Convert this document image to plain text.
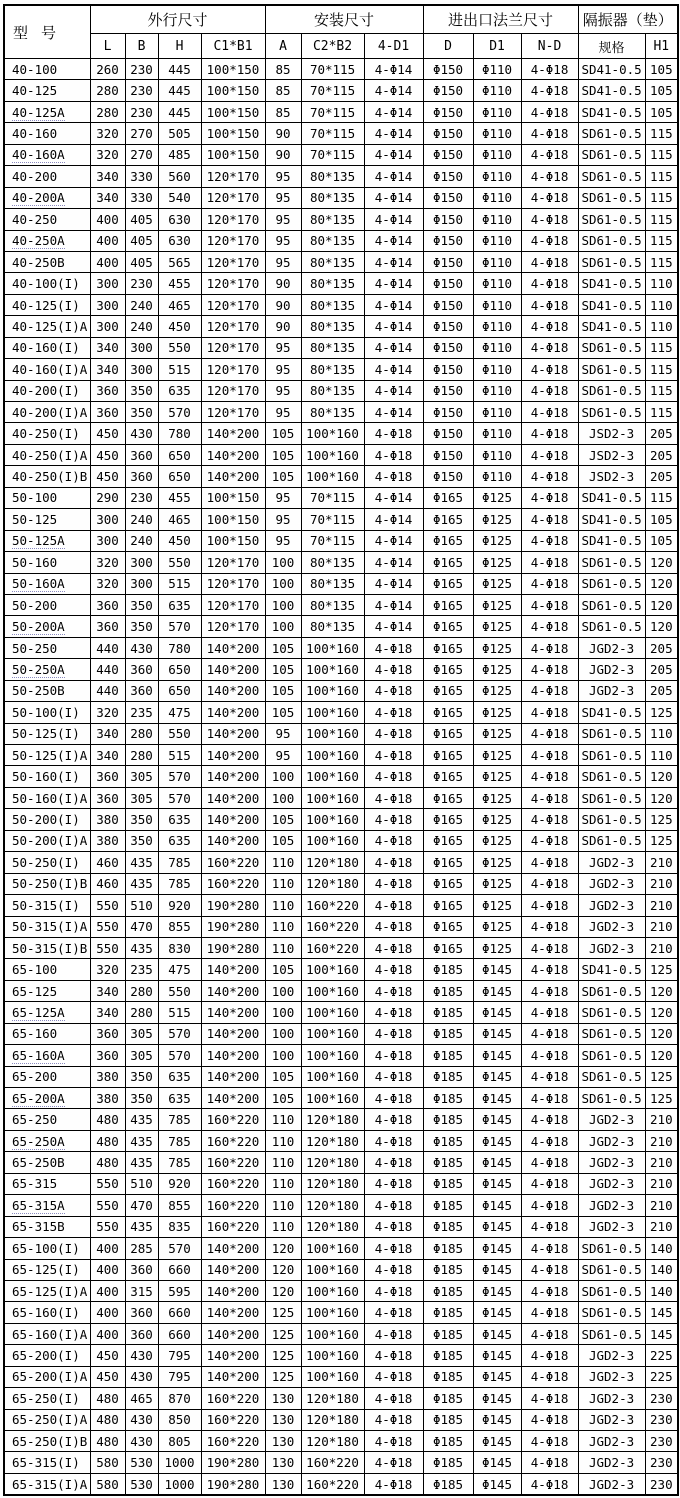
型 号	外行尺寸				安装尺寸			进出口法兰尺寸			隔振器（垫）	
	L	B	H	C1*B1	A	C2*B2	4-D1	D	D1	N-D	规格	H1
40-100	260	230	445	100*150	85	70*115	4-Φ14	Φ150	Φ110	4-Φ18	SD41-0.5	105
40-125	280	230	445	100*150	85	70*115	4-Φ14	Φ150	Φ110	4-Φ18	SD41-0.5	105
40-125A	280	230	445	100*150	85	70*115	4-Φ14	Φ150	Φ110	4-Φ18	SD41-0.5	105
40-160	320	270	505	100*150	90	70*115	4-Φ14	Φ150	Φ110	4-Φ18	SD61-0.5	115
40-160A	320	270	485	100*150	90	70*115	4-Φ14	Φ150	Φ110	4-Φ18	SD61-0.5	115
40-200	340	330	560	120*170	95	80*135	4-Φ14	Φ150	Φ110	4-Φ18	SD61-0.5	115
40-200A	340	330	540	120*170	95	80*135	4-Φ14	Φ150	Φ110	4-Φ18	SD61-0.5	115
40-250	400	405	630	120*170	95	80*135	4-Φ14	Φ150	Φ110	4-Φ18	SD61-0.5	115
40-250A	400	405	630	120*170	95	80*135	4-Φ14	Φ150	Φ110	4-Φ18	SD61-0.5	115
40-250B	400	405	565	120*170	95	80*135	4-Φ14	Φ150	Φ110	4-Φ18	SD61-0.5	115
40-100(I)	300	230	455	120*170	90	80*135	4-Φ14	Φ150	Φ110	4-Φ18	SD41-0.5	110
40-125(I)	300	240	465	120*170	90	80*135	4-Φ14	Φ150	Φ110	4-Φ18	SD41-0.5	110
40-125(I)A	300	240	450	120*170	90	80*135	4-Φ14	Φ150	Φ110	4-Φ18	SD41-0.5	110
40-160(I)	340	300	550	120*170	95	80*135	4-Φ14	Φ150	Φ110	4-Φ18	SD61-0.5	115
40-160(I)A	340	300	515	120*170	95	80*135	4-Φ14	Φ150	Φ110	4-Φ18	SD61-0.5	115
40-200(I)	360	350	635	120*170	95	80*135	4-Φ14	Φ150	Φ110	4-Φ18	SD61-0.5	115
40-200(I)A	360	350	570	120*170	95	80*135	4-Φ14	Φ150	Φ110	4-Φ18	SD61-0.5	115
40-250(I)	450	430	780	140*200	105	100*160	4-Φ18	Φ150	Φ110	4-Φ18	JSD2-3	205
40-250(I)A	450	360	650	140*200	105	100*160	4-Φ18	Φ150	Φ110	4-Φ18	JSD2-3	205
40-250(I)B	450	360	650	140*200	105	100*160	4-Φ18	Φ150	Φ110	4-Φ18	JSD2-3	205
50-100	290	230	455	100*150	95	70*115	4-Φ14	Φ165	Φ125	4-Φ18	SD41-0.5	115
50-125	300	240	465	100*150	95	70*115	4-Φ14	Φ165	Φ125	4-Φ18	SD41-0.5	105
50-125A	300	240	450	100*150	95	70*115	4-Φ14	Φ165	Φ125	4-Φ18	SD41-0.5	105
50-160	320	300	550	120*170	100	80*135	4-Φ14	Φ165	Φ125	4-Φ18	SD61-0.5	120
50-160A	320	300	515	120*170	100	80*135	4-Φ14	Φ165	Φ125	4-Φ18	SD61-0.5	120
50-200	360	350	635	120*170	100	80*135	4-Φ14	Φ165	Φ125	4-Φ18	SD61-0.5	120
50-200A	360	350	570	120*170	100	80*135	4-Φ14	Φ165	Φ125	4-Φ18	SD61-0.5	120
50-250	440	430	780	140*200	105	100*160	4-Φ18	Φ165	Φ125	4-Φ18	JGD2-3	205
50-250A	440	360	650	140*200	105	100*160	4-Φ18	Φ165	Φ125	4-Φ18	JGD2-3	205
50-250B	440	360	650	140*200	105	100*160	4-Φ18	Φ165	Φ125	4-Φ18	JGD2-3	205
50-100(I)	320	235	475	140*200	105	100*160	4-Φ18	Φ165	Φ125	4-Φ18	SD41-0.5	125
50-125(I)	340	280	550	140*200	95	100*160	4-Φ18	Φ165	Φ125	4-Φ18	SD61-0.5	110
50-125(I)A	340	280	515	140*200	95	100*160	4-Φ18	Φ165	Φ125	4-Φ18	SD61-0.5	110
50-160(I)	360	305	570	140*200	100	100*160	4-Φ18	Φ165	Φ125	4-Φ18	SD61-0.5	120
50-160(I)A	360	305	570	140*200	100	100*160	4-Φ18	Φ165	Φ125	4-Φ18	SD61-0.5	120
50-200(I)	380	350	635	140*200	105	100*160	4-Φ18	Φ165	Φ125	4-Φ18	SD61-0.5	125
50-200(I)A	380	350	635	140*200	105	100*160	4-Φ18	Φ165	Φ125	4-Φ18	SD61-0.5	125
50-250(I)	460	435	785	160*220	110	120*180	4-Φ18	Φ165	Φ125	4-Φ18	JGD2-3	210
50-250(I)B	460	435	785	160*220	110	120*180	4-Φ18	Φ165	Φ125	4-Φ18	JGD2-3	210
50-315(I)	550	510	920	190*280	110	160*220	4-Φ18	Φ165	Φ125	4-Φ18	JGD2-3	210
50-315(I)A	550	470	855	190*280	110	160*220	4-Φ18	Φ165	Φ125	4-Φ18	JGD2-3	210
50-315(I)B	550	435	830	190*280	110	160*220	4-Φ18	Φ165	Φ125	4-Φ18	JGD2-3	210
65-100	320	235	475	140*200	105	100*160	4-Φ18	Φ185	Φ145	4-Φ18	SD41-0.5	125
65-125	340	280	550	140*200	100	100*160	4-Φ18	Φ185	Φ145	4-Φ18	SD61-0.5	120
65-125A	340	280	515	140*200	100	100*160	4-Φ18	Φ185	Φ145	4-Φ18	SD61-0.5	120
65-160	360	305	570	140*200	100	100*160	4-Φ18	Φ185	Φ145	4-Φ18	SD61-0.5	120
65-160A	360	305	570	140*200	100	100*160	4-Φ18	Φ185	Φ145	4-Φ18	SD61-0.5	120
65-200	380	350	635	140*200	105	100*160	4-Φ18	Φ185	Φ145	4-Φ18	SD61-0.5	125
65-200A	380	350	635	140*200	105	100*160	4-Φ18	Φ185	Φ145	4-Φ18	SD61-0.5	125
65-250	480	435	785	160*220	110	120*180	4-Φ18	Φ185	Φ145	4-Φ18	JGD2-3	210
65-250A	480	435	785	160*220	110	120*180	4-Φ18	Φ185	Φ145	4-Φ18	JGD2-3	210
65-250B	480	435	785	160*220	110	120*180	4-Φ18	Φ185	Φ145	4-Φ18	JGD2-3	210
65-315	550	510	920	160*220	110	120*180	4-Φ18	Φ185	Φ145	4-Φ18	JGD2-3	210
65-315A	550	470	855	160*220	110	120*180	4-Φ18	Φ185	Φ145	4-Φ18	JGD2-3	210
65-315B	550	435	835	160*220	110	120*180	4-Φ18	Φ185	Φ145	4-Φ18	JGD2-3	210
65-100(I)	400	285	570	140*200	120	100*160	4-Φ18	Φ185	Φ145	4-Φ18	SD61-0.5	140
65-125(I)	400	360	660	140*200	120	100*160	4-Φ18	Φ185	Φ145	4-Φ18	SD61-0.5	140
65-125(I)A	400	315	595	140*200	120	100*160	4-Φ18	Φ185	Φ145	4-Φ18	SD61-0.5	140
65-160(I)	400	360	660	140*200	125	100*160	4-Φ18	Φ185	Φ145	4-Φ18	SD61-0.5	145
65-160(I)A	400	360	660	140*200	125	100*160	4-Φ18	Φ185	Φ145	4-Φ18	SD61-0.5	145
65-200(I)	450	430	795	140*200	125	100*160	4-Φ18	Φ185	Φ145	4-Φ18	JGD2-3	225
65-200(I)A	450	430	795	140*200	125	100*160	4-Φ18	Φ185	Φ145	4-Φ18	JGD2-3	225
65-250(I)	480	465	870	160*220	130	120*180	4-Φ18	Φ185	Φ145	4-Φ18	JGD2-3	230
65-250(I)A	480	430	850	160*220	130	120*180	4-Φ18	Φ185	Φ145	4-Φ18	JGD2-3	230
65-250(I)B	480	430	805	160*220	130	120*180	4-Φ18	Φ185	Φ145	4-Φ18	JGD2-3	230
65-315(I)	580	530	1000	190*280	130	160*220	4-Φ18	Φ185	Φ145	4-Φ18	JGD2-3	230
65-315(I)A	580	530	1000	190*280	130	160*220	4-Φ18	Φ185	Φ145	4-Φ18	JGD2-3	230
